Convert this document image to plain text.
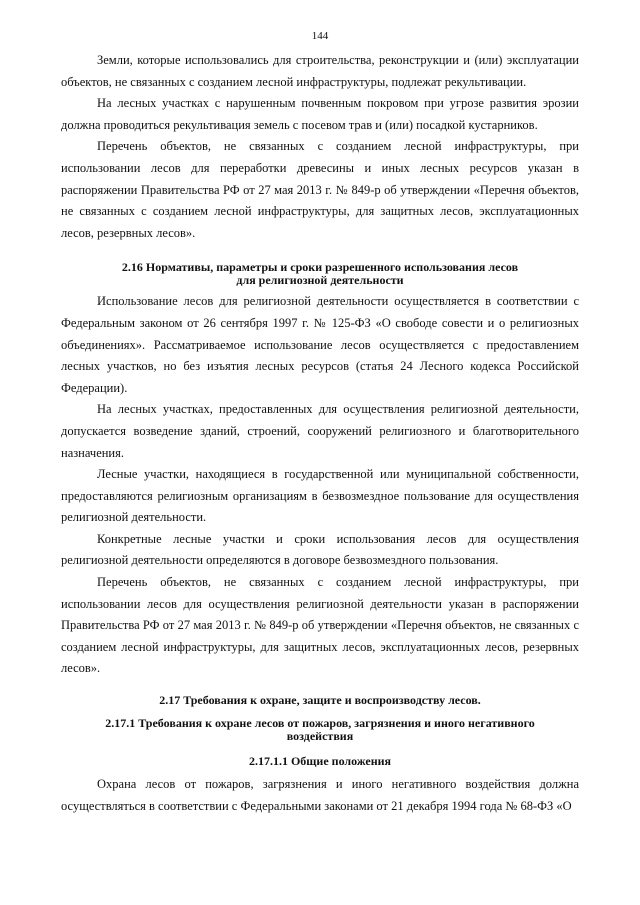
144

Земли, которые использовались для строительства, реконструкции и (или) эксплуатации объектов, не связанных с созданием лесной инфраструктуры, подлежат рекультивации.

На лесных участках с нарушенным почвенным покровом при угрозе развития эрозии должна проводиться рекультивация земель с посевом трав и (или) посадкой кустарников.

Перечень объектов, не связанных с созданием лесной инфраструктуры, при использовании лесов для переработки древесины и иных лесных ресурсов указан в распоряжении Правительства РФ от 27 мая 2013 г. № 849-р об утверждении «Перечня объектов, не связанных с созданием лесной инфраструктуры, для защитных лесов, эксплуатационных лесов, резервных лесов».

2.16 Нормативы, параметры и сроки разрешенного использования лесов
для религиозной деятельности

Использование лесов для религиозной деятельности осуществляется в соответствии с Федеральным законом от 26 сентября 1997 г. № 125-ФЗ «О свободе совести и о религиозных объединениях». Рассматриваемое использование лесов осуществляется с предоставлением лесных участков, но без изъятия лесных ресурсов (статья 24 Лесного кодекса Российской Федерации).

На лесных участках, предоставленных для осуществления религиозной деятельности, допускается возведение зданий, строений, сооружений религиозного и благотворительного назначения.

Лесные участки, находящиеся в государственной или муниципальной собственности, предоставляются религиозным организациям в безвозмездное пользование для осуществления религиозной деятельности.

Конкретные лесные участки и сроки использования лесов для осуществления религиозной деятельности определяются в договоре безвозмездного пользования.

Перечень объектов, не связанных с созданием лесной инфраструктуры, при использовании лесов для осуществления религиозной деятельности указан в распоряжении Правительства РФ от 27 мая 2013 г. № 849-р об утверждении «Перечня объектов, не связанных с созданием лесной инфраструктуры, для защитных лесов, эксплуатационных лесов, резервных лесов».

2.17 Требования к охране, защите и воспроизводству лесов.
2.17.1 Требования к охране лесов от пожаров, загрязнения и иного негативного
воздействия
2.17.1.1 Общие положения

Охрана лесов от пожаров, загрязнения и иного негативного воздействия должна осуществляться в соответствии с Федеральными законами от 21 декабря 1994 года № 68-ФЗ «О
